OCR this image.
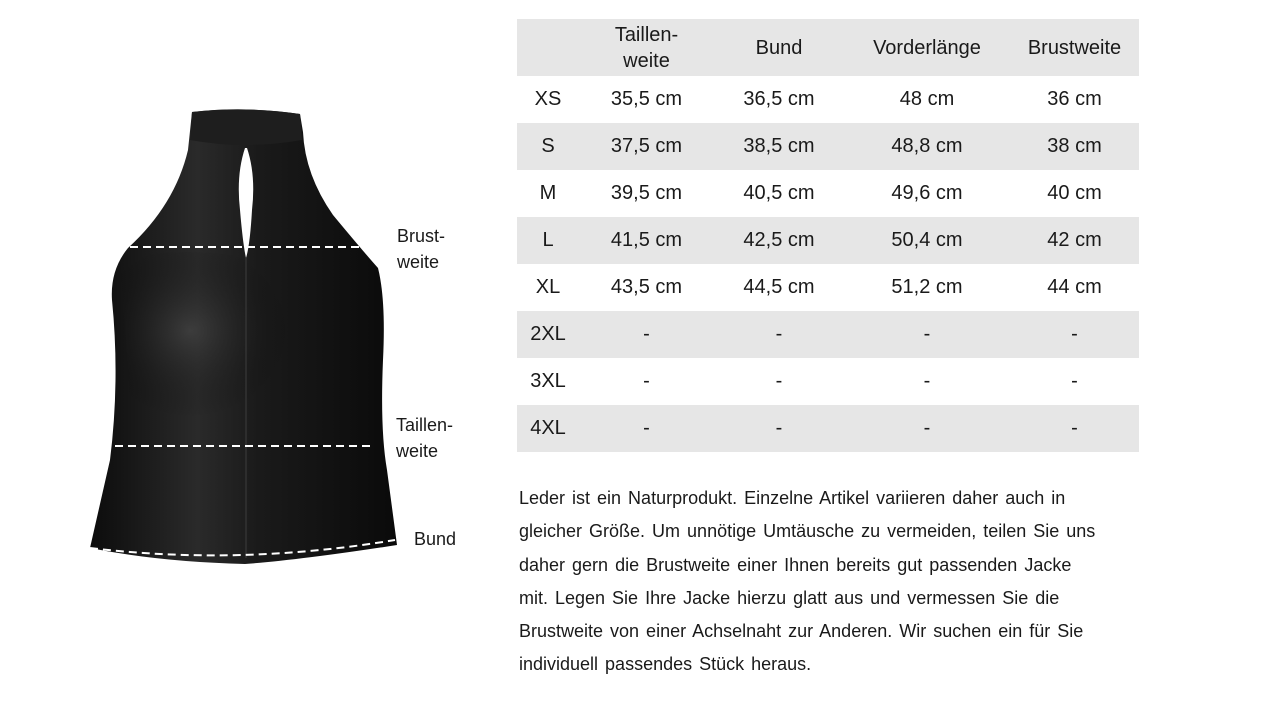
Brust-
weite
Taillen-
weite
Bund

	Taillen-
weite	Bund	Vorderlänge	Brustweite
XS	35,5 cm	36,5 cm	48 cm	36 cm
S	37,5 cm	38,5 cm	48,8 cm	38 cm
M	39,5 cm	40,5 cm	49,6 cm	40 cm
L	41,5 cm	42,5 cm	50,4 cm	42 cm
XL	43,5 cm	44,5 cm	51,2 cm	44 cm
2XL	-	-	-	-
3XL	-	-	-	-
4XL	-	-	-	-
Leder ist ein Naturprodukt. Einzelne Artikel variieren daher auch in
gleicher Größe. Um unnötige Umtäusche zu vermeiden, teilen Sie uns
daher gern die Brustweite einer Ihnen bereits gut passenden Jacke
mit. Legen Sie Ihre Jacke hierzu glatt aus und vermessen Sie die
Brustweite von einer Achselnaht zur Anderen. Wir suchen ein für Sie
individuell passendes Stück heraus.
